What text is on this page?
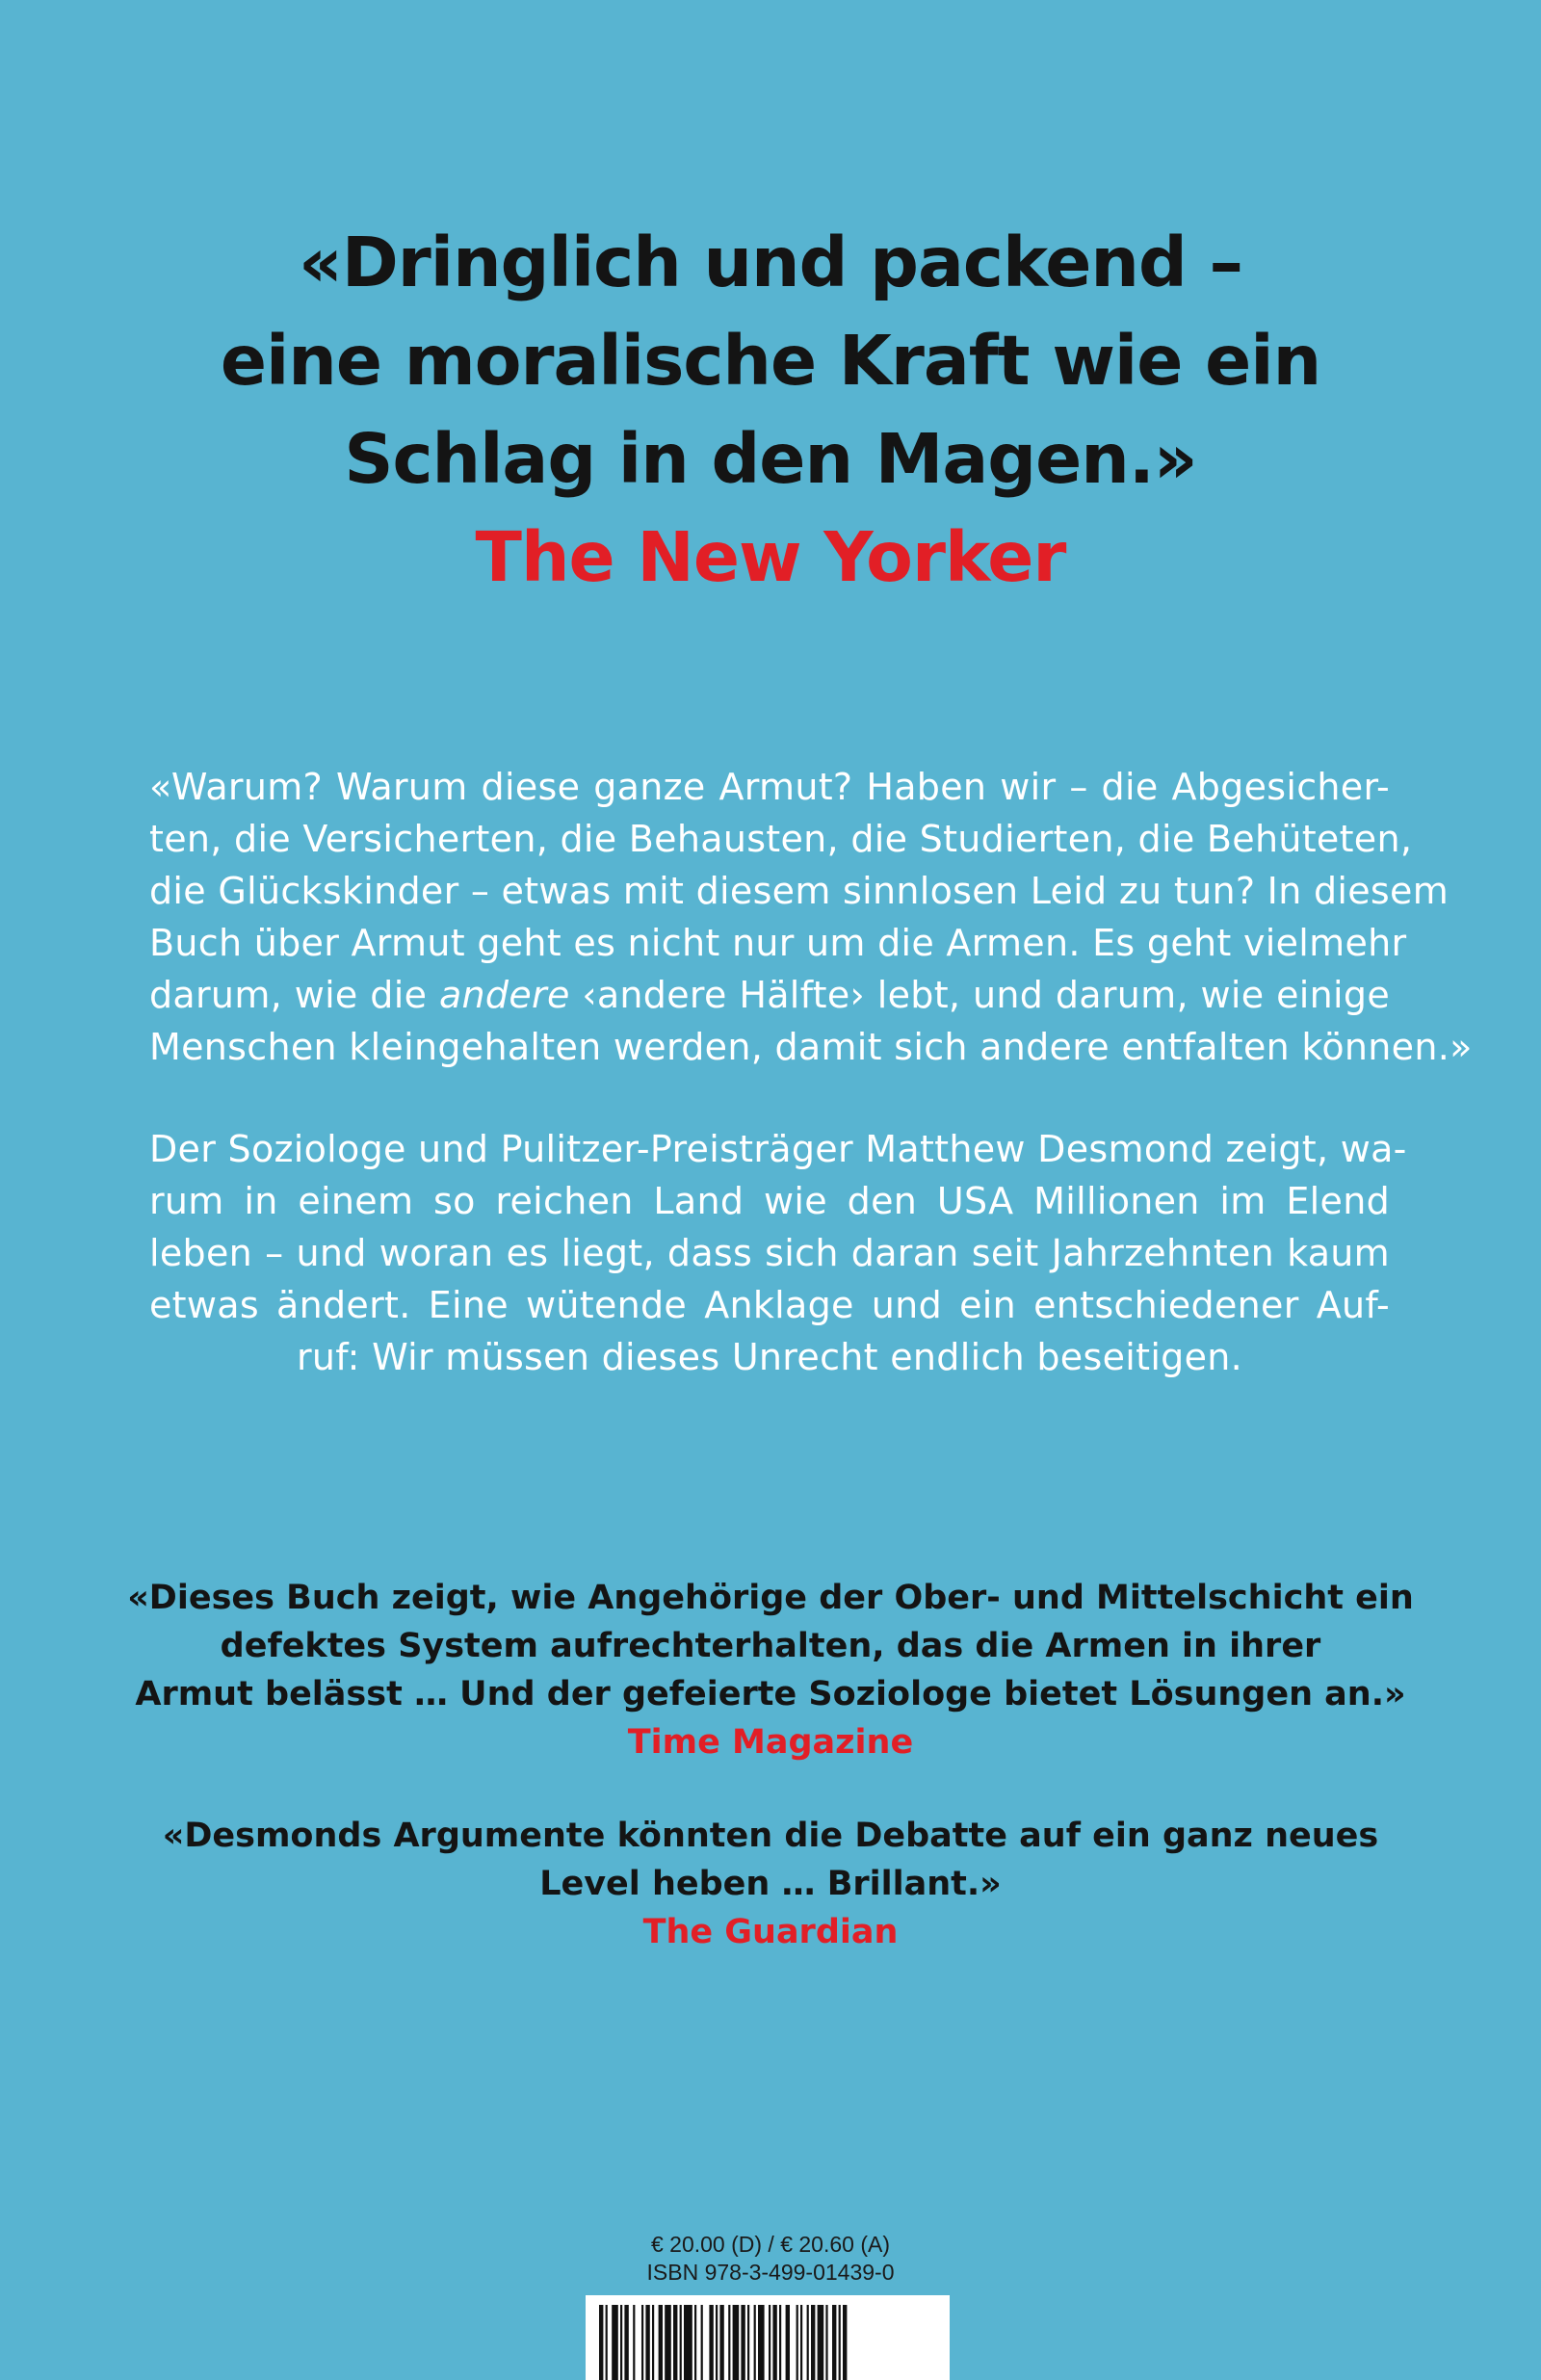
«Dringlich und packend –
eine moralische Kraft wie ein
Schlag in den Magen.»
The New Yorker
«Warum? Warum diese ganze Armut? Haben wir – die Abgesicher-
ten, die Versicherten, die Behausten, die Studierten, die Behüteten,
die Glückskinder – etwas mit diesem sinnlosen Leid zu tun? In diesem
Buch über Armut geht es nicht nur um die Armen. Es geht vielmehr
darum, wie die andere ‹andere Hälfte› lebt, und darum, wie einige
Menschen kleingehalten werden, damit sich andere entfalten können.»
Der Soziologe und Pulitzer-Preisträger Matthew Desmond zeigt, wa-
rum in einem so reichen Land wie den USA Millionen im Elend
leben – und woran es liegt, dass sich daran seit Jahrzehnten kaum
etwas ändert. Eine wütende Anklage und ein entschiedener Auf-
ruf: Wir müssen dieses Unrecht endlich beseitigen.
«Dieses Buch zeigt, wie Angehörige der Ober- und Mittelschicht ein
defektes System aufrechterhalten, das die Armen in ihrer
Armut belässt … Und der gefeierte Soziologe bietet Lösungen an.»
Time Magazine
«Desmonds Argumente könnten die Debatte auf ein ganz neues
Level heben … Brillant.»
The Guardian
€ 20.00 (D) / € 20.60 (A)
ISBN 978-3-499-01439-0
